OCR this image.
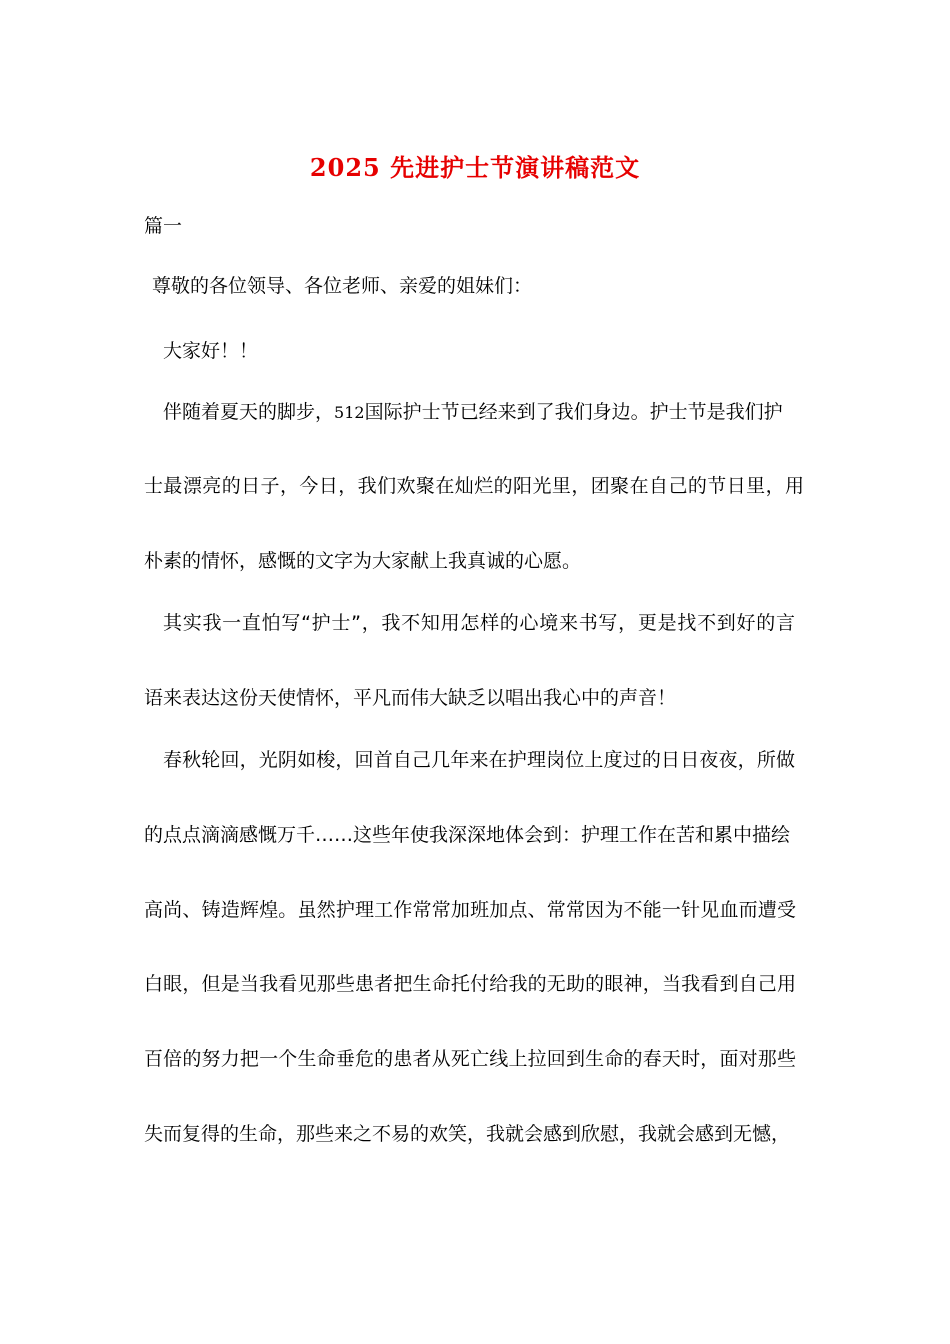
2025 先进护士节演讲稿范文
篇一
尊敬的各位领导、各位老师、亲爱的姐妹们：
大家好！！
伴随着夏天的脚步，512国际护士节已经来到了我们身边。护士节是我们护
士最漂亮的日子，今日，我们欢聚在灿烂的阳光里，团聚在自己的节日里，用
朴素的情怀，感慨的文字为大家献上我真诚的心愿。
其实我一直怕写“护士”，我不知用怎样的心境来书写，更是找不到好的言
语来表达这份天使情怀，平凡而伟大缺乏以唱出我心中的声音！
春秋轮回，光阴如梭，回首自己几年来在护理岗位上度过的日日夜夜，所做
的点点滴滴感慨万千……这些年使我深深地体会到：护理工作在苦和累中描绘
高尚、铸造辉煌。虽然护理工作常常加班加点、常常因为不能一针见血而遭受
白眼，但是当我看见那些患者把生命托付给我的无助的眼神，当我看到自己用
百倍的努力把一个生命垂危的患者从死亡线上拉回到生命的春天时，面对那些
失而复得的生命，那些来之不易的欢笑，我就会感到欣慰，我就会感到无憾，
